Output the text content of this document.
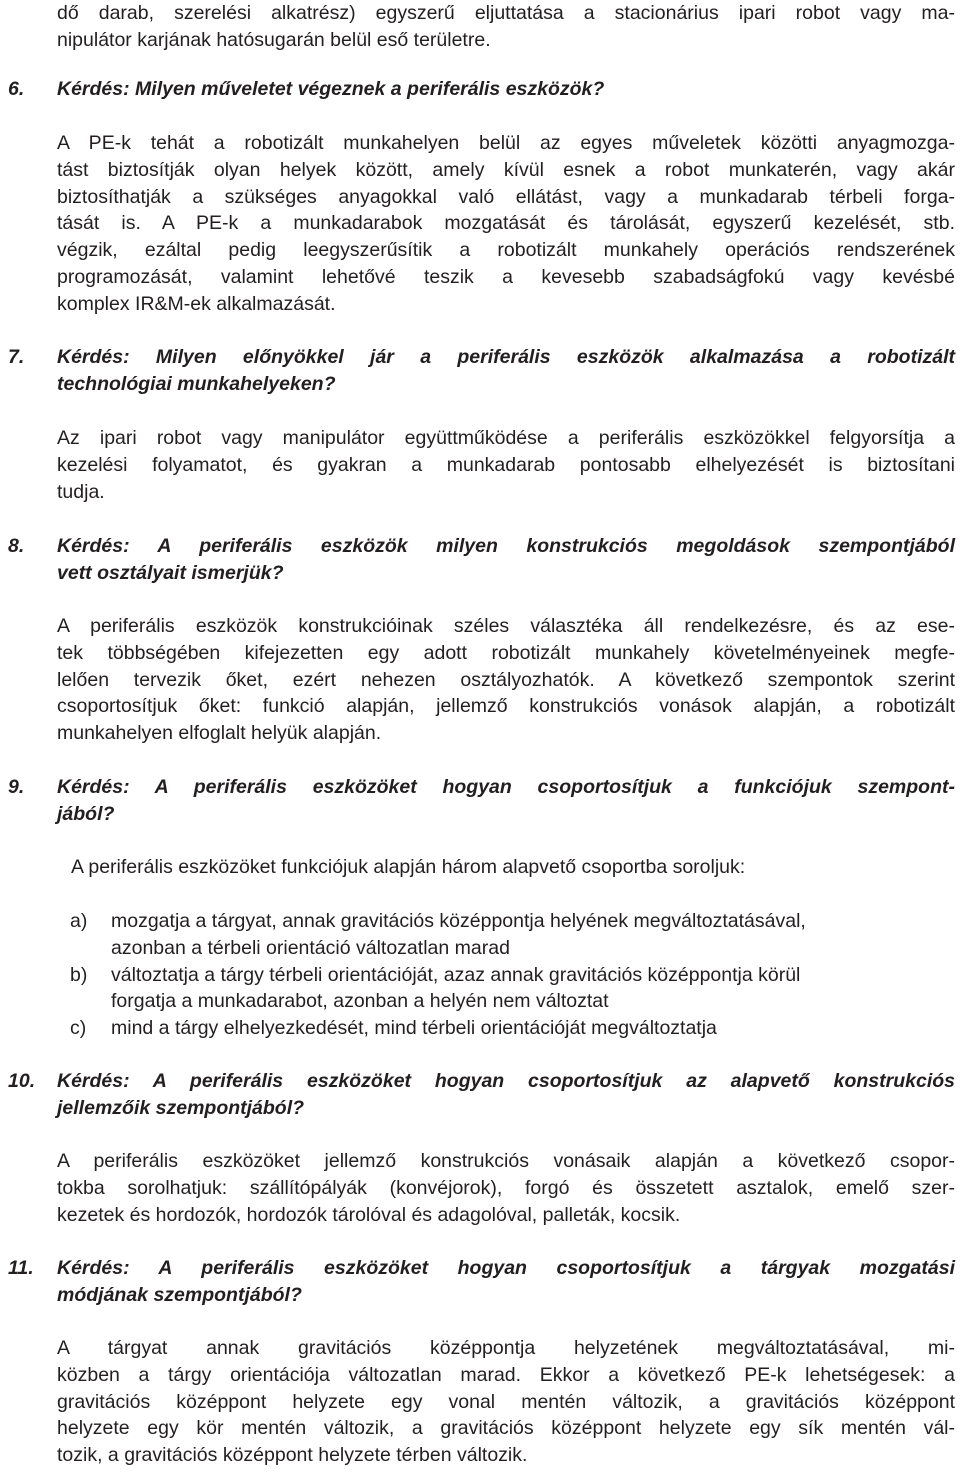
dő darab, szerelési alkatrész) egyszerű eljuttatása a stacionárius ipari robot vagy ma-
nipulátor karjának hatósugarán belül eső területre.
6. Kérdés: Milyen műveletet végeznek a periferális eszközök?
A PE-k tehát a robotizált munkahelyen belül az egyes műveletek közötti anyagmozga-
tást biztosítják olyan helyek között, amely kívül esnek a robot munkaterén, vagy akár
biztosíthatják a szükséges anyagokkal való ellátást, vagy a munkadarab térbeli forga-
tását is. A PE-k a munkadarabok mozgatását és tárolását, egyszerű kezelését, stb.
végzik, ezáltal pedig leegyszerűsítik a robotizált munkahely operációs rendszerének
programozását, valamint lehetővé teszik a kevesebb szabadságfokú vagy kevésbé
komplex IR&M-ek alkalmazását.
7. Kérdés: Milyen előnyökkel jár a periferális eszközök alkalmazása a robotizált
technológiai munkahelyeken?
Az ipari robot vagy manipulátor együttműködése a periferális eszközökkel felgyorsítja a
kezelési folyamatot, és gyakran a munkadarab pontosabb elhelyezését is biztosítani
tudja.
8. Kérdés: A periferális eszközök milyen konstrukciós megoldások szempontjából
vett osztályait ismerjük?
A periferális eszközök konstrukcióinak széles választéka áll rendelkezésre, és az ese-
tek többségében kifejezetten egy adott robotizált munkahely követelményeinek megfe-
lelően tervezik őket, ezért nehezen osztályozhatók. A következő szempontok szerint
csoportosítjuk őket: funkció alapján, jellemző konstrukciós vonások alapján, a robotizált
munkahelyen elfoglalt helyük alapján.
9. Kérdés: A periferális eszközöket hogyan csoportosítjuk a funkciójuk szempont-
jából?
A periferális eszközöket funkciójuk alapján három alapvető csoportba soroljuk:
a) mozgatja a tárgyat, annak gravitációs középpontja helyének megváltoztatásával,
azonban a térbeli orientáció változatlan marad
b) változtatja a tárgy térbeli orientációját, azaz annak gravitációs középpontja körül
forgatja a munkadarabot, azonban a helyén nem változtat
c) mind a tárgy elhelyezkedését, mind térbeli orientációját megváltoztatja
10. Kérdés: A periferális eszközöket hogyan csoportosítjuk az alapvető konstrukciós
jellemzőik szempontjából?
A periferális eszközöket jellemző konstrukciós vonásaik alapján a következő csopor-
tokba sorolhatjuk: szállítópályák (konvéjorok), forgó és összetett asztalok, emelő szer-
kezetek és hordozók, hordozók tárolóval és adagolóval, palleták, kocsik.
11. Kérdés: A periferális eszközöket hogyan csoportosítjuk a tárgyak mozgatási
módjának szempontjából?
A tárgyat annak gravitációs középpontja helyzetének megváltoztatásával, mi-
közben a tárgy orientációja változatlan marad. Ekkor a következő PE-k lehetségesek: a
gravitációs középpont helyzete egy vonal mentén változik, a gravitációs középpont
helyzete egy kör mentén változik, a gravitációs középpont helyzete egy sík mentén vál-
tozik, a gravitációs középpont helyzete térben változik.
